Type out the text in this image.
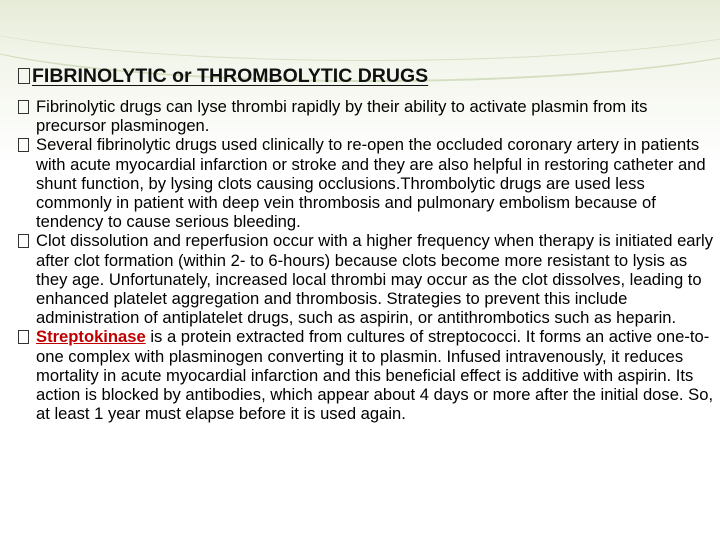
FIBRINOLYTIC or THROMBOLYTIC DRUGS
Fibrinolytic drugs can lyse thrombi rapidly by their ability to activate plasmin from its precursor plasminogen.
Several fibrinolytic drugs used clinically to re-open the occluded coronary artery in patients with acute myocardial infarction or stroke and they are also helpful in restoring catheter and shunt function, by lysing clots causing occlusions.Thrombolytic drugs are used less commonly in patient with deep vein thrombosis and pulmonary embolism because of tendency to cause serious bleeding.
Clot dissolution and reperfusion occur with a higher frequency when therapy is initiated early after clot formation (within 2- to 6-hours) because clots become more resistant to lysis as they age. Unfortunately, increased local thrombi may occur as the clot dissolves, leading to enhanced platelet aggregation and thrombosis. Strategies to prevent this include administration of antiplatelet drugs, such as aspirin, or antithrombotics such as heparin.
Streptokinase is a protein extracted from cultures of streptococci. It forms an active one-to-one complex with plasminogen converting it to plasmin. Infused intravenously, it reduces mortality in acute myocardial infarction and this beneficial effect is additive with aspirin. Its action is blocked by antibodies, which appear about 4 days or more after the initial dose. So, at least 1 year must elapse before it is used again.
